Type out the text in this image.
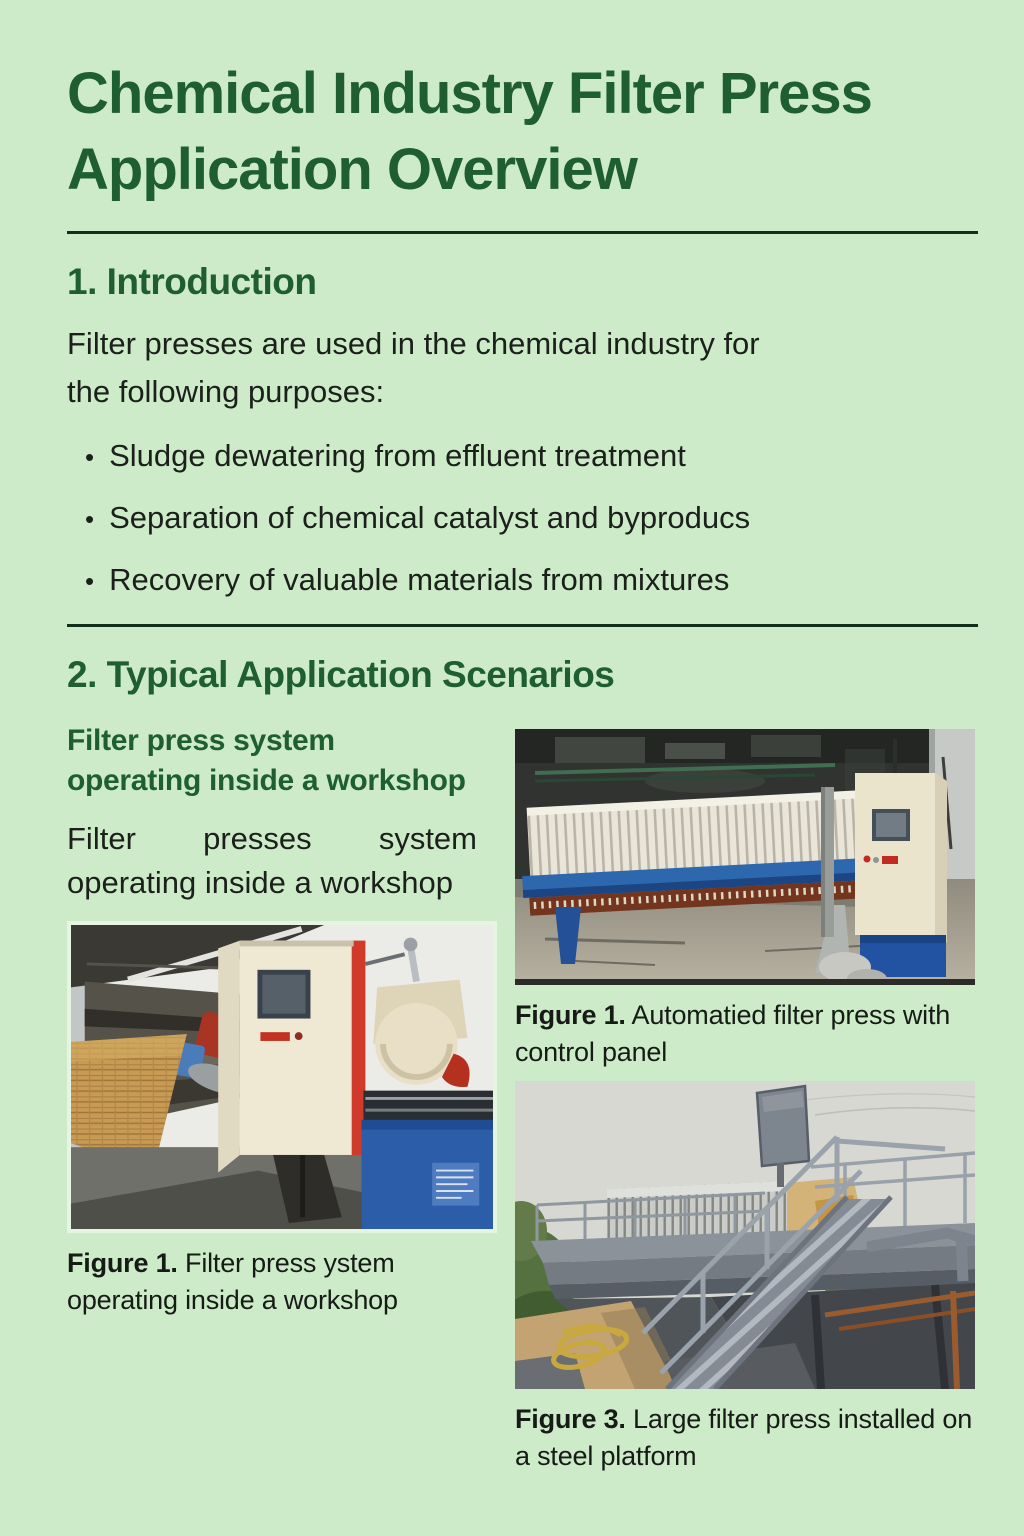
Chemical Industry Filter Press
Application Overview
1. Introduction

Filter presses are used in the chemical industry for the following purposes:

• Sludge dewatering from effluent treatment
• Separation of chemical catalyst and byproducs
• Recovery of valuable materials from mixtures
2. Typical Application Scenarios
Filter press system
operating inside a workshop

Filter presses system operating inside a workshop

Figure 1. Filter press ystem operating inside a workshop
Figure 1. Automatied filter press with control panel
Figure 3. Large filter press installed on a steel platform
